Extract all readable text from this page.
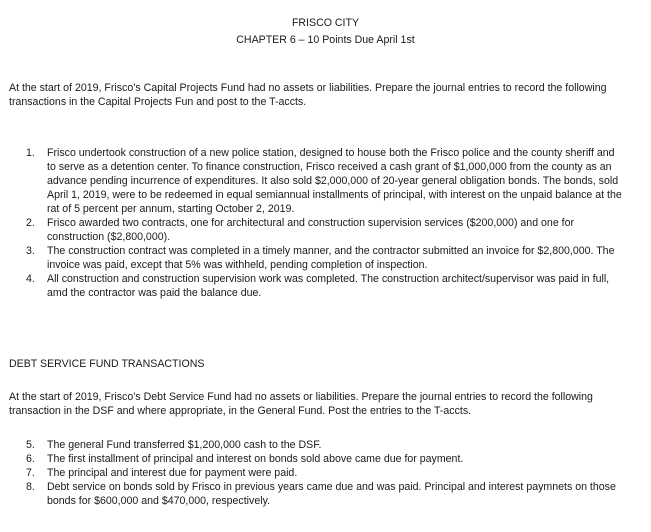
FRISCO CITY
CHAPTER 6 – 10 Points Due April 1st
At the start of 2019, Frisco’s Capital Projects Fund had no assets or liabilities. Prepare the journal entries to record the following transactions in the Capital Projects Fun and post to the T-accts.
1.	Frisco undertook construction of a new police station, designed to house both the Frisco police and the county sheriff and to serve as a detention center. To finance construction, Frisco received a cash grant of $1,000,000 from the county as an advance pending incurrence of expenditures. It also sold $2,000,000 of 20-year general obligation bonds. The bonds, sold April 1, 2019, were to be redeemed in equal semiannual installments of principal, with interest on the unpaid balance at the rat of 5 percent per annum, starting October 2, 2019.
2.	Frisco awarded two contracts, one for architectural and construction supervision services ($200,000) and one for construction ($2,800,000).
3.	The construction contract was completed in a timely manner, and the contractor submitted an invoice for $2,800,000. The invoice was paid, except that 5% was withheld, pending completion of inspection.
4.	All construction and construction supervision work was completed. The construction architect/supervisor was paid in full, amd the contractor was paid the balance due.
DEBT SERVICE FUND TRANSACTIONS
At the start of 2019, Frisco’s Debt Service Fund had no assets or liabilities. Prepare the journal entries to record the following transaction in the DSF and where appropriate, in the General Fund. Post the entries to the T-accts.
5.	The general Fund transferred $1,200,000 cash to the DSF.
6.	The first installment of principal and interest on bonds sold above came due for payment.
7.	The principal and interest due for payment were paid.
8.	Debt service on bonds sold by Frisco in previous years came due and was paid. Principal and interest paymnets on those bonds for $600,000 and $470,000, respectively.
